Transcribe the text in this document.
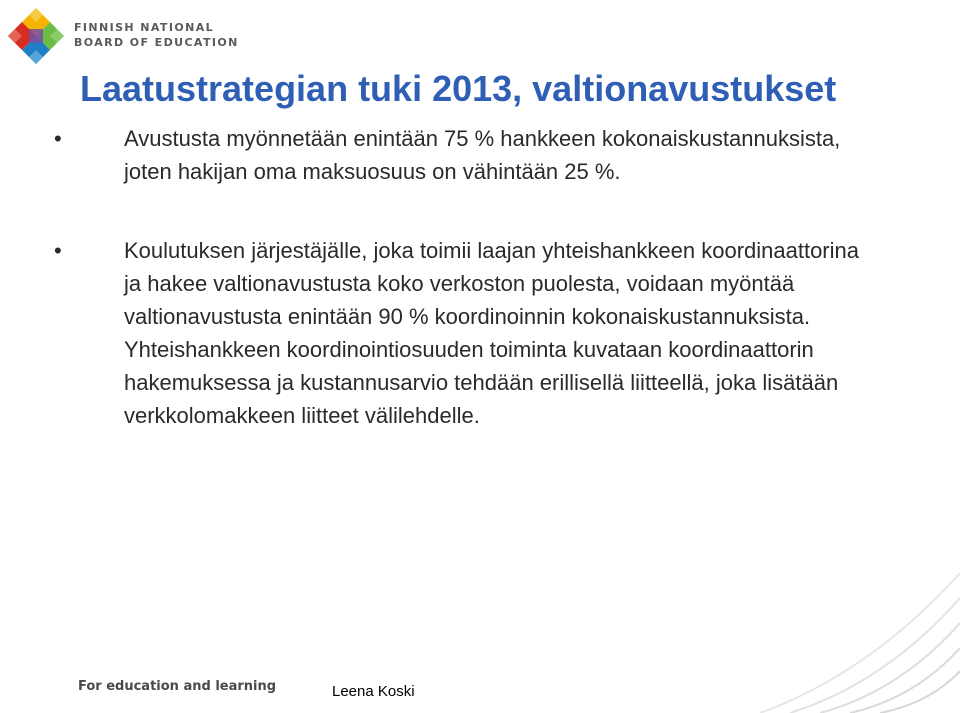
FINNISH NATIONAL
BOARD OF EDUCATION
Laatustrategian tuki 2013, valtionavustukset
•	Avustusta myönnetään enintään 75 % hankkeen kokonaiskustannuksista, joten hakijan oma maksuosuus on vähintään 25 %.
•	Koulutuksen järjestäjälle, joka toimii laajan yhteishankkeen koordinaattorina ja hakee valtionavustusta koko verkoston puolesta, voidaan myöntää valtionavustusta enintään 90 % koordinoinnin kokonaiskustannuksista. Yhteishankkeen koordinointiosuuden toiminta kuvataan koordinaattorin hakemuksessa ja kustannusarvio tehdään erillisellä liitteellä, joka lisätään verkkolomakkeen liitteet välilehdelle.
For education and learning	Leena Koski
